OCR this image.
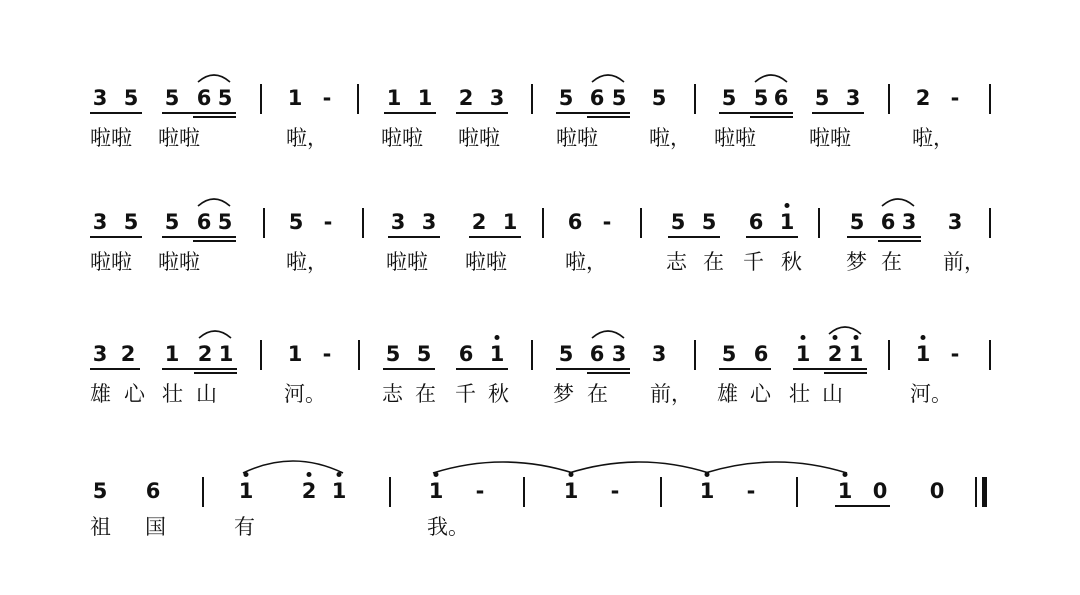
3 5 5 6 5	1 -	1 1 2 3	5 6 5 5	5 5 6 5 3	2 -
啦啦 啦啦	啦，	啦啦 啦啦	啦啦 啦， 啦啦	啦啦	啦，
3 5 5 6 5	5 -	3 3 2 1 6 -	5 5 6 1	5 6 3 3
啦啦 啦啦	啦，	啦啦 啦啦	啦，	志 在 千 秋 梦 在 前，
3 2 1 2 1	1 -	5 5 6 1	5 6 3 3	5 6 1 2 1 1 -
雄 心 壮 山	河。	志 在 千 秋 梦 在 前， 雄 心 壮 山	河。
5 6	1 2 1	1 -	1 -	1 -	1 0 0
祖 国	有	我。
